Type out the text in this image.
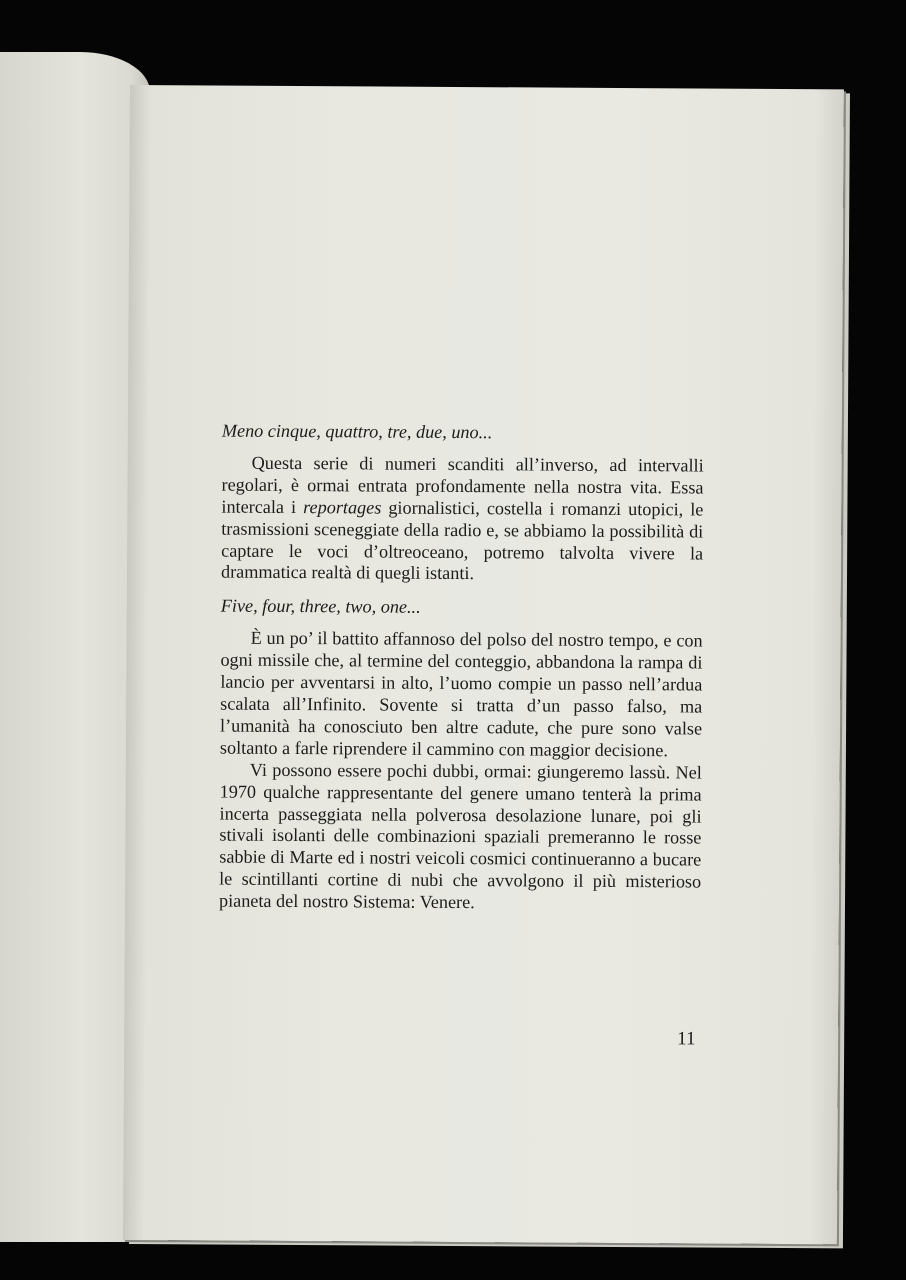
Meno cinque, quattro, tre, due, uno...

Questa serie di numeri scanditi all’inverso, ad intervalli regolari, è ormai entrata profondamente nella nostra vita. Essa intercala i reportages giornalistici, costella i romanzi utopici, le trasmissioni sceneggiate della radio e, se abbiamo la possibilità di captare le voci d’oltreoceano, potremo talvolta vivere la drammatica realtà di quegli istanti.

Five, four, three, two, one...

È un po’ il battito affannoso del polso del nostro tempo, e con ogni missile che, al termine del conteggio, abbandona la rampa di lancio per avventarsi in alto, l’uomo compie un passo nell’ardua scalata all’Infinito. Sovente si tratta d’un passo falso, ma l’umanità ha conosciuto ben altre cadute, che pure sono valse soltanto a farle riprendere il cammino con maggior decisione.

Vi possono essere pochi dubbi, ormai: giungeremo lassù. Nel 1970 qualche rappresentante del genere umano tenterà la prima incerta passeggiata nella polverosa desolazione lunare, poi gli stivali isolanti delle combinazioni spaziali premeranno le rosse sabbie di Marte ed i nostri veicoli cosmici continueranno a bucare le scintillanti cortine di nubi che avvolgono il più misterioso pianeta del nostro Sistema: Venere.

11
